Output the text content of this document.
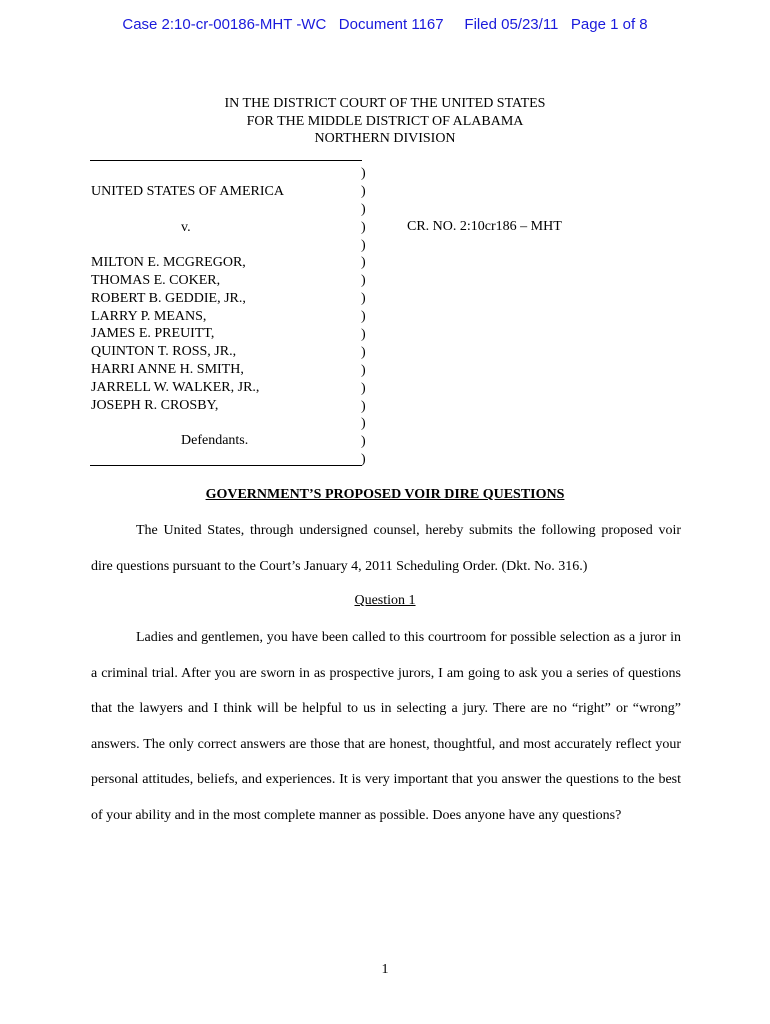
Case 2:10-cr-00186-MHT -WC   Document 1167     Filed 05/23/11   Page 1 of 8
IN THE DISTRICT COURT OF THE UNITED STATES
FOR THE MIDDLE DISTRICT OF ALABAMA
NORTHERN DIVISION
UNITED STATES OF AMERICA
v.
MILTON E. MCGREGOR,
THOMAS E. COKER,
ROBERT B. GEDDIE, JR.,
LARRY P. MEANS,
JAMES E. PREUITT,
QUINTON T. ROSS, JR.,
HARRI ANNE H. SMITH,
JARRELL W. WALKER, JR.,
JOSEPH R. CROSBY,
Defendants.
)
)
)
)
)
)
)
)
)
)
)
)
)
)
)
)
)
CR. NO. 2:10cr186 – MHT
GOVERNMENT’S PROPOSED VOIR DIRE QUESTIONS

The United States, through undersigned counsel, hereby submits the following proposed voir dire questions pursuant to the Court’s January 4, 2011 Scheduling Order. (Dkt. No. 316.)

Question 1

Ladies and gentlemen, you have been called to this courtroom for possible selection as a juror in a criminal trial. After you are sworn in as prospective jurors, I am going to ask you a series of questions that the lawyers and I think will be helpful to us in selecting a jury. There are no “right” or “wrong” answers. The only correct answers are those that are honest, thoughtful, and most accurately reflect your personal attitudes, beliefs, and experiences. It is very important that you answer the questions to the best of your ability and in the most complete manner as possible. Does anyone have any questions?

1
